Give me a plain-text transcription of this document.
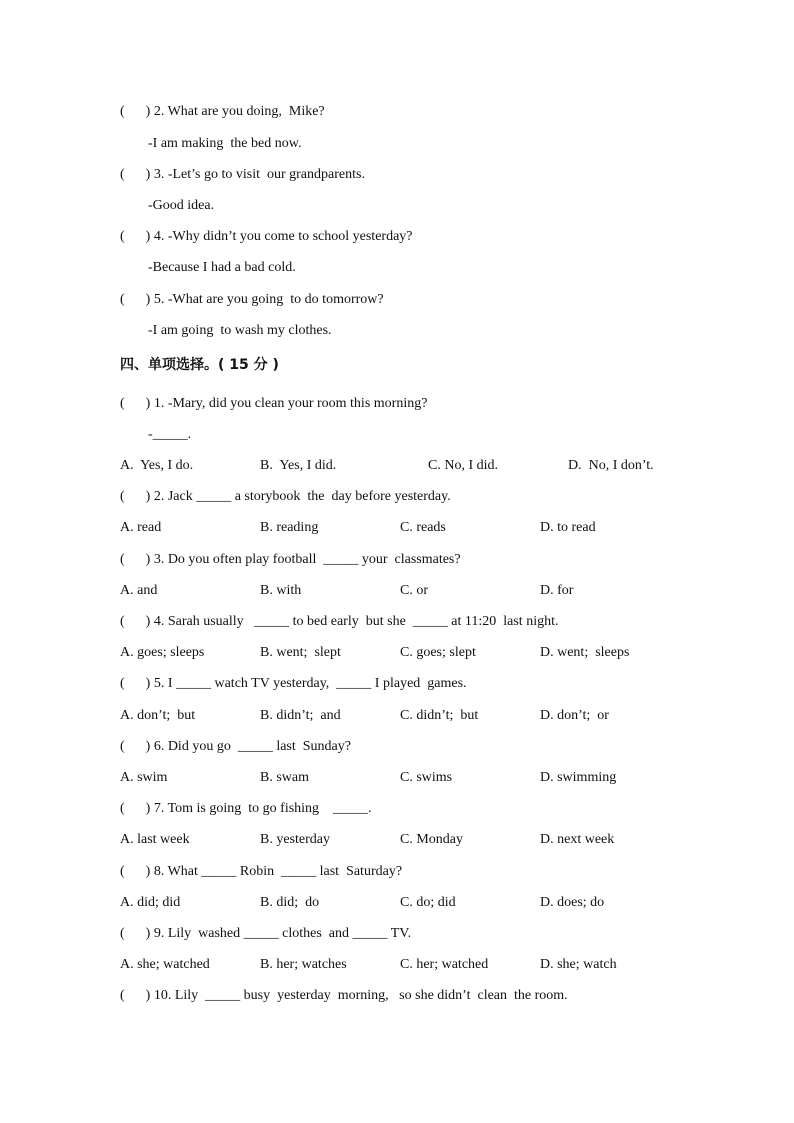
(      ) 2. What are you doing,  Mike?
-I am making  the bed now.
(      ) 3. -Let’s go to visit  our grandparents.
-Good idea.
(      ) 4. -Why didn’t you come to school yesterday?
-Because I had a bad cold.
(      ) 5. -What are you going  to do tomorrow?
-I am going  to wash my clothes.
四、单项选择。( 15 分 )
(      ) 1. -Mary, did you clean your room this morning?
-_____.
A.  Yes, I do.	B.  Yes, I did.	C. No, I did.	D.  No, I don’t.
(      ) 2. Jack _____ a storybook  the  day before yesterday.
A. read	B. reading	C. reads	D. to read
(      ) 3. Do you often play football  _____ your  classmates?
A. and	B. with	C. or	D. for
(      ) 4. Sarah usually   _____ to bed early  but she  _____ at 11:20  last night.
A. goes; sleeps	B. went;  slept	C. goes; slept	D. went;  sleeps
(      ) 5. I _____ watch TV yesterday,  _____ I played  games.
A. don’t;  but	B. didn’t;  and	C. didn’t;  but	D. don’t;  or
(      ) 6. Did you go  _____ last  Sunday?
A. swim	B. swam	C. swims	D. swimming
(      ) 7. Tom is going  to go fishing    _____.
A. last week	B. yesterday	C. Monday	D. next week
(      ) 8. What _____ Robin  _____ last  Saturday?
A. did; did	B. did;  do	C. do; did	D. does; do
(      ) 9. Lily  washed _____ clothes  and _____ TV.
A. she; watched	B. her; watches	C. her; watched	D. she; watch
(      ) 10. Lily  _____ busy  yesterday  morning,   so she didn’t  clean  the room.
